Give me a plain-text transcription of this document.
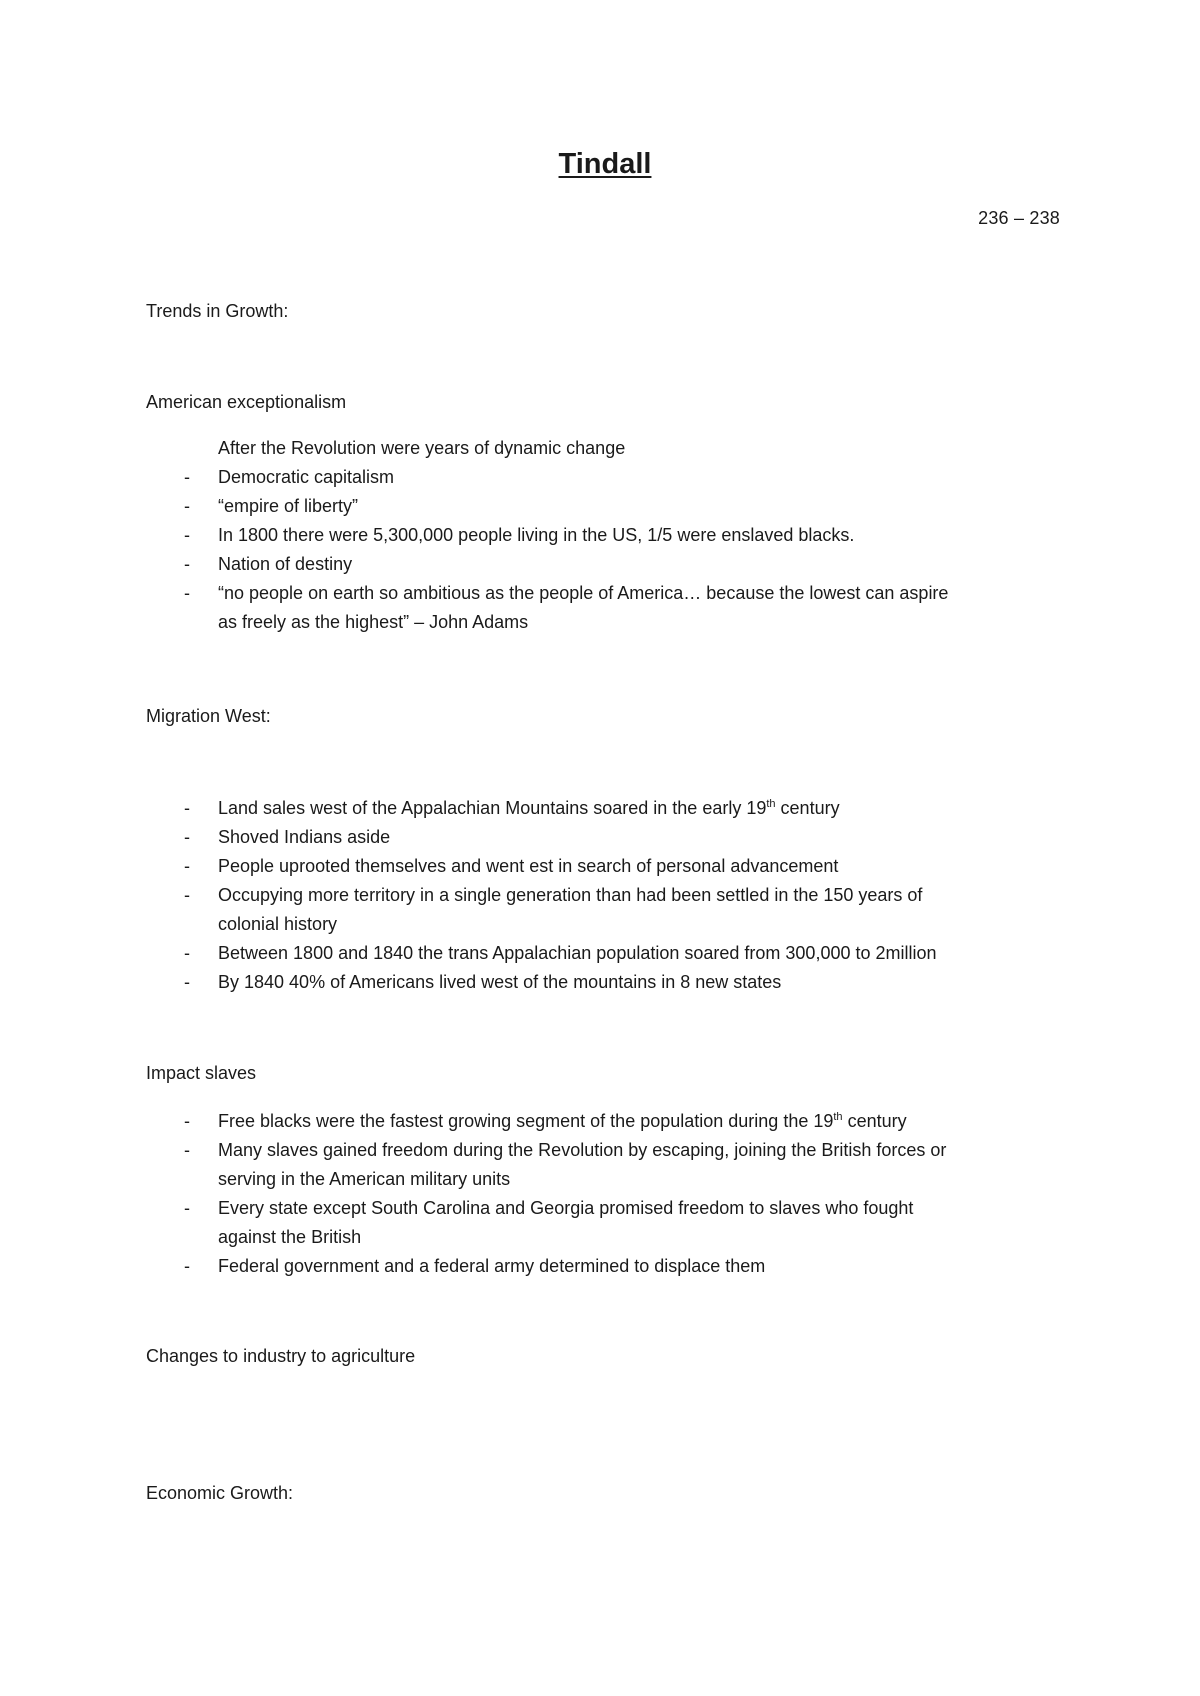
Tindall
236 – 238
Trends in Growth:
American exceptionalism
After the Revolution were years of dynamic change
- Democratic capitalism
- “empire of liberty”
- In 1800 there were 5,300,000 people living in the US, 1/5 were enslaved blacks.
- Nation of destiny
- “no people on earth so ambitious as the people of America… because the lowest can aspire
as freely as the highest” – John Adams
Migration West:
- Land sales west of the Appalachian Mountains soared in the early 19th century
- Shoved Indians aside
- People uprooted themselves and went est in search of personal advancement
- Occupying more territory in a single generation than had been settled in the 150 years of
colonial history
- Between 1800 and 1840 the trans Appalachian population soared from 300,000 to 2million
- By 1840 40% of Americans lived west of the mountains in 8 new states
Impact slaves
- Free blacks were the fastest growing segment of the population during the 19th century
- Many slaves gained freedom during the Revolution by escaping, joining the British forces or
serving in the American military units
- Every state except South Carolina and Georgia promised freedom to slaves who fought
against the British
- Federal government and a federal army determined to displace them
Changes to industry to agriculture
Economic Growth:
